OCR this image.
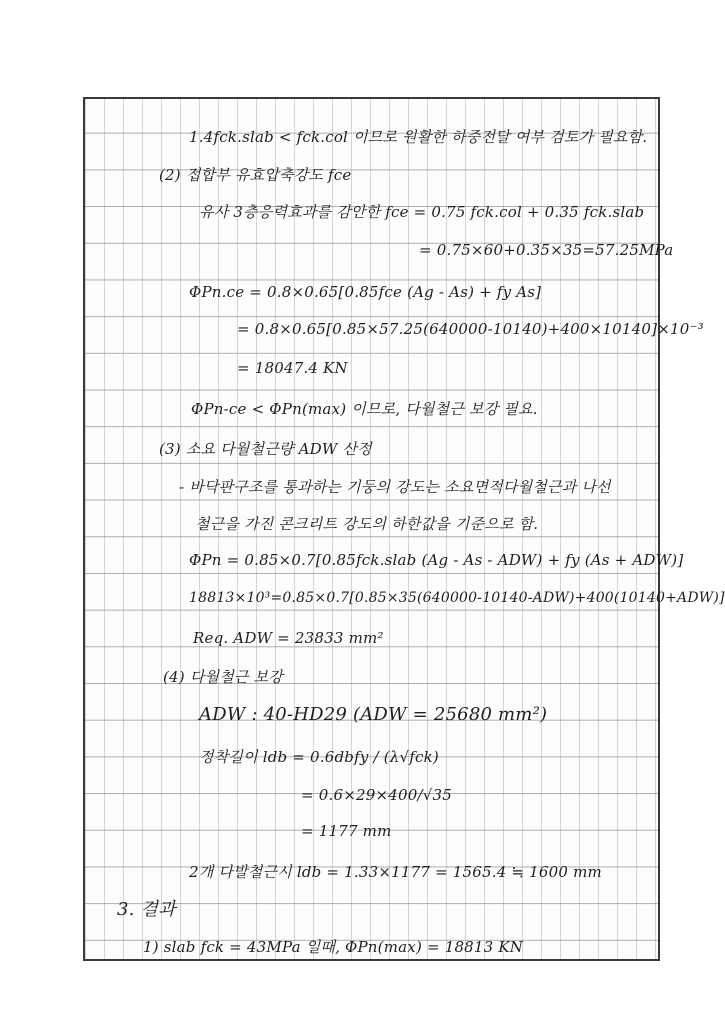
1.4fck.slab < fck.col 이므로 원활한 하중전달 여부 검토가 필요함.
(2) 접합부 유효압축강도 fce
유사 3층응력효과를 감안한 fce = 0.75 fck.col + 0.35 fck.slab
= 0.75×60+0.35×35=57.25MPa
ΦPn.ce = 0.8×0.65[0.85fce (Ag - As) + fy As]
= 0.8×0.65[0.85×57.25(640000-10140)+400×10140]×10⁻³
= 18047.4 KN
ΦPn-ce < ΦPn(max) 이므로, 다월철근 보강 필요.
(3) 소요 다월철근량 ADW 산정
- 바닥판구조를 통과하는 기둥의 강도는 소요면적다월철근과 나선
철근을 가진 콘크리트 강도의 하한값을 기준으로 함.
ΦPn = 0.85×0.7[0.85fck.slab (Ag - As - ADW) + fy (As + ADW)]
18813×10³=0.85×0.7[0.85×35(640000-10140-ADW)+400(10140+ADW)]
Req. ADW = 23833 mm²
(4) 다월철근 보강
ADW : 40-HD29 (ADW = 25680 mm²)
정착길이 ldb = 0.6dbfy / (λ√fck)
= 0.6×29×400/√35
= 1177 mm
2개 다발철근시 ldb = 1.33×1177 = 1565.4 ≒ 1600 mm
3. 결과
1) slab fck = 43MPa 일때, ΦPn(max) = 18813 KN
